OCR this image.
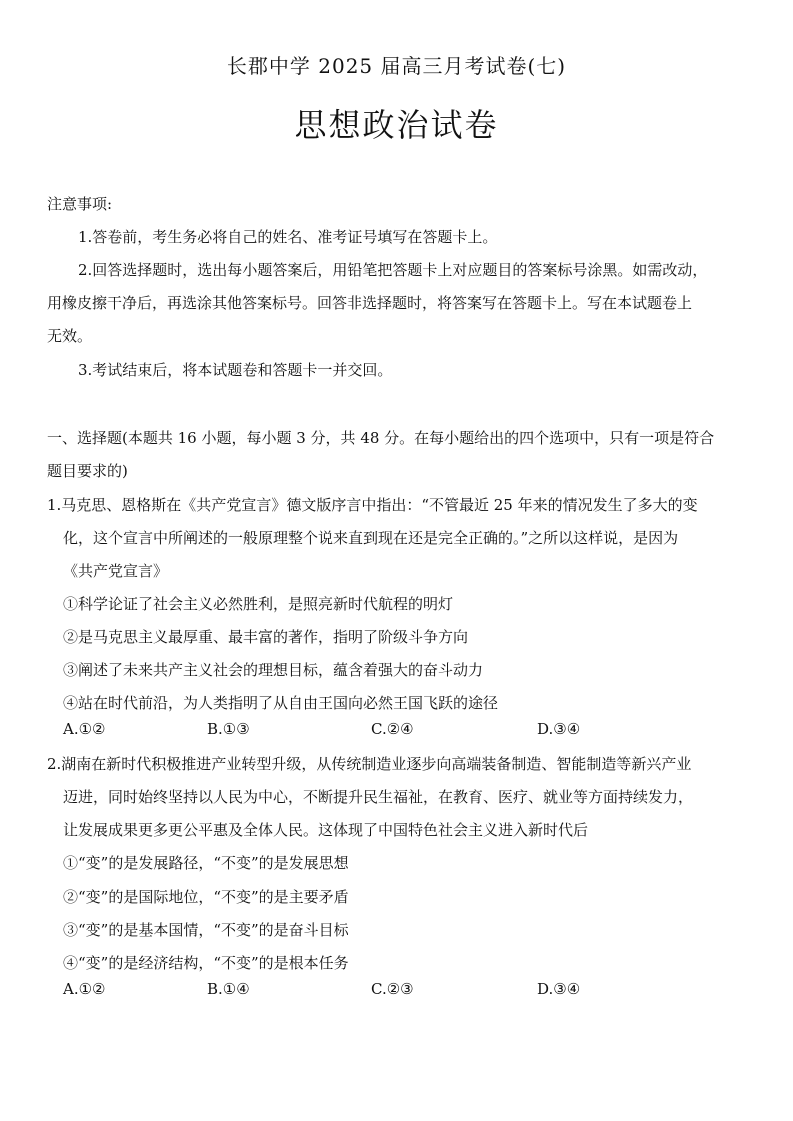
长郡中学 2025 届高三月考试卷(七)
思想政治试卷
注意事项:
1.答卷前，考生务必将自己的姓名、准考证号填写在答题卡上。
2.回答选择题时，选出每小题答案后，用铅笔把答题卡上对应题目的答案标号涂黑。如需改动，
用橡皮擦干净后，再选涂其他答案标号。回答非选择题时，将答案写在答题卡上。写在本试题卷上
无效。
3.考试结束后，将本试题卷和答题卡一并交回。
一、选择题(本题共 16 小题，每小题 3 分，共 48 分。在每小题给出的四个选项中，只有一项是符合
题目要求的)
1.马克思、恩格斯在《共产党宣言》德文版序言中指出：“不管最近 25 年来的情况发生了多大的变
化，这个宣言中所阐述的一般原理整个说来直到现在还是完全正确的。”之所以这样说，是因为
《共产党宣言》
①科学论证了社会主义必然胜利，是照亮新时代航程的明灯
②是马克思主义最厚重、最丰富的著作，指明了阶级斗争方向
③阐述了未来共产主义社会的理想目标，蕴含着强大的奋斗动力
④站在时代前沿，为人类指明了从自由王国向必然王国飞跃的途径
A.①②	B.①③	C.②④	D.③④
2.湖南在新时代积极推进产业转型升级，从传统制造业逐步向高端装备制造、智能制造等新兴产业
迈进，同时始终坚持以人民为中心，不断提升民生福祉，在教育、医疗、就业等方面持续发力，
让发展成果更多更公平惠及全体人民。这体现了中国特色社会主义进入新时代后
①“变”的是发展路径，“不变”的是发展思想
②“变”的是国际地位，“不变”的是主要矛盾
③“变”的是基本国情，“不变”的是奋斗目标
④“变”的是经济结构，“不变”的是根本任务
A.①②	B.①④	C.②③	D.③④
